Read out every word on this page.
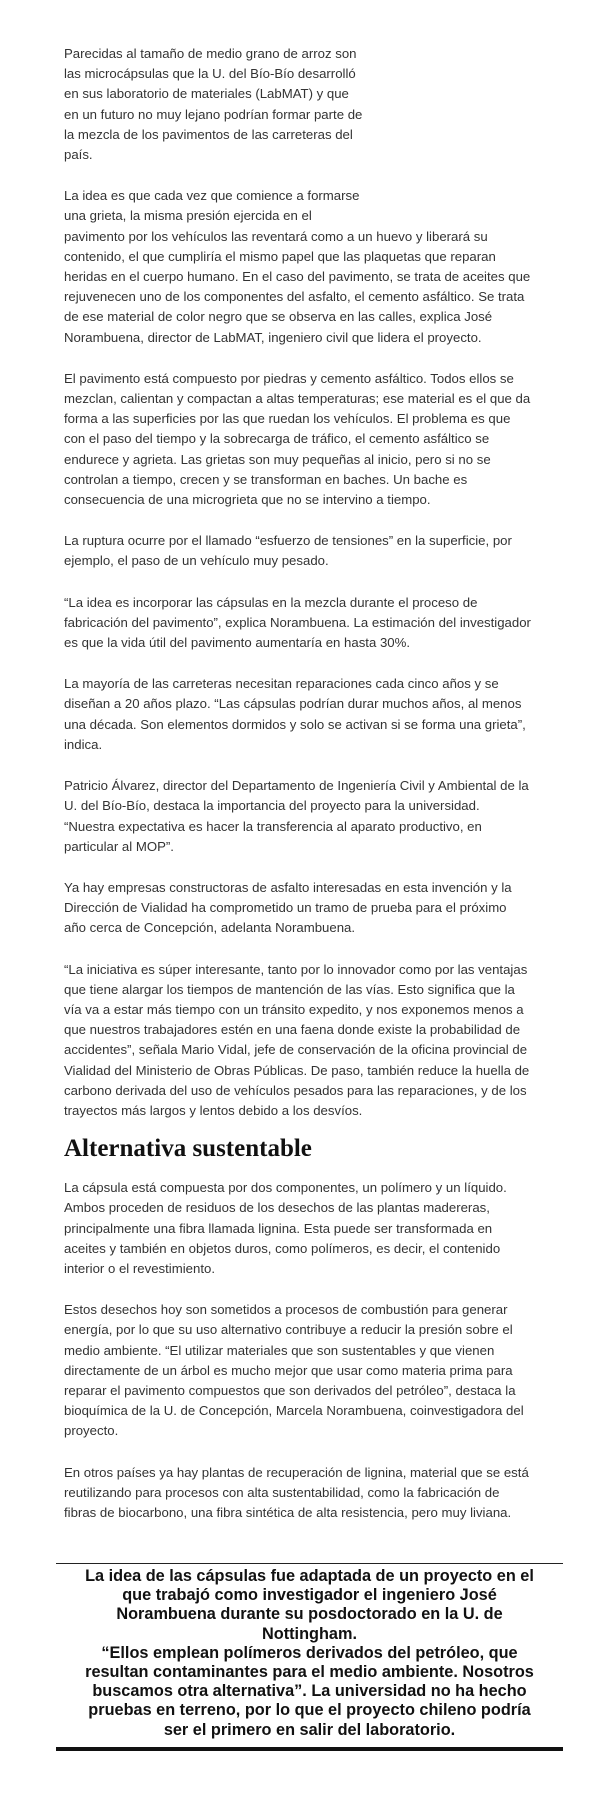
Parecidas al tamaño de medio grano de arroz son
las microcápsulas que la U. del Bío-Bío desarrolló
en sus laboratorio de materiales (LabMAT) y que
en un futuro no muy lejano podrían formar parte de
la mezcla de los pavimentos de las carreteras del
país.
La idea es que cada vez que comience a formarse
una grieta, la misma presión ejercida en el
pavimento por los vehículos las reventará como a un huevo y liberará su
contenido, el que cumpliría el mismo papel que las plaquetas que reparan
heridas en el cuerpo humano. En el caso del pavimento, se trata de aceites que
rejuvenecen uno de los componentes del asfalto, el cemento asfáltico. Se trata
de ese material de color negro que se observa en las calles, explica José
Norambuena, director de LabMAT, ingeniero civil que lidera el proyecto.
El pavimento está compuesto por piedras y cemento asfáltico. Todos ellos se
mezclan, calientan y compactan a altas temperaturas; ese material es el que da
forma a las superficies por las que ruedan los vehículos. El problema es que
con el paso del tiempo y la sobrecarga de tráfico, el cemento asfáltico se
endurece y agrieta. Las grietas son muy pequeñas al inicio, pero si no se
controlan a tiempo, crecen y se transforman en baches. Un bache es
consecuencia de una microgrieta que no se intervino a tiempo.
La ruptura ocurre por el llamado “esfuerzo de tensiones” en la superficie, por
ejemplo, el paso de un vehículo muy pesado.
“La idea es incorporar las cápsulas en la mezcla durante el proceso de
fabricación del pavimento”, explica Norambuena. La estimación del investigador
es que la vida útil del pavimento aumentaría en hasta 30%.
La mayoría de las carreteras necesitan reparaciones cada cinco años y se
diseñan a 20 años plazo. “Las cápsulas podrían durar muchos años, al menos
una década. Son elementos dormidos y solo se activan si se forma una grieta”,
indica.
Patricio Álvarez, director del Departamento de Ingeniería Civil y Ambiental de la
U. del Bío-Bío, destaca la importancia del proyecto para la universidad.
“Nuestra expectativa es hacer la transferencia al aparato productivo, en
particular al MOP”.
Ya hay empresas constructoras de asfalto interesadas en esta invención y la
Dirección de Vialidad ha comprometido un tramo de prueba para el próximo
año cerca de Concepción, adelanta Norambuena.
“La iniciativa es súper interesante, tanto por lo innovador como por las ventajas
que tiene alargar los tiempos de mantención de las vías. Esto significa que la
vía va a estar más tiempo con un tránsito expedito, y nos exponemos menos a
que nuestros trabajadores estén en una faena donde existe la probabilidad de
accidentes”, señala Mario Vidal, jefe de conservación de la oficina provincial de
Vialidad del Ministerio de Obras Públicas. De paso, también reduce la huella de
carbono derivada del uso de vehículos pesados para las reparaciones, y de los
trayectos más largos y lentos debido a los desvíos.
Alternativa sustentable
La cápsula está compuesta por dos componentes, un polímero y un líquido.
Ambos proceden de residuos de los desechos de las plantas madereras,
principalmente una fibra llamada lignina. Esta puede ser transformada en
aceites y también en objetos duros, como polímeros, es decir, el contenido
interior o el revestimiento.
Estos desechos hoy son sometidos a procesos de combustión para generar
energía, por lo que su uso alternativo contribuye a reducir la presión sobre el
medio ambiente. “El utilizar materiales que son sustentables y que vienen
directamente de un árbol es mucho mejor que usar como materia prima para
reparar el pavimento compuestos que son derivados del petróleo”, destaca la
bioquímica de la U. de Concepción, Marcela Norambuena, coinvestigadora del
proyecto.
En otros países ya hay plantas de recuperación de lignina, material que se está
reutilizando para procesos con alta sustentabilidad, como la fabricación de
fibras de biocarbono, una fibra sintética de alta resistencia, pero muy liviana.
La idea de las cápsulas fue adaptada de un proyecto en el
que trabajó como investigador el ingeniero José
Norambuena durante su posdoctorado en la U. de
Nottingham.
“Ellos emplean polímeros derivados del petróleo, que
resultan contaminantes para el medio ambiente. Nosotros
buscamos otra alternativa”. La universidad no ha hecho
pruebas en terreno, por lo que el proyecto chileno podría
ser el primero en salir del laboratorio.
